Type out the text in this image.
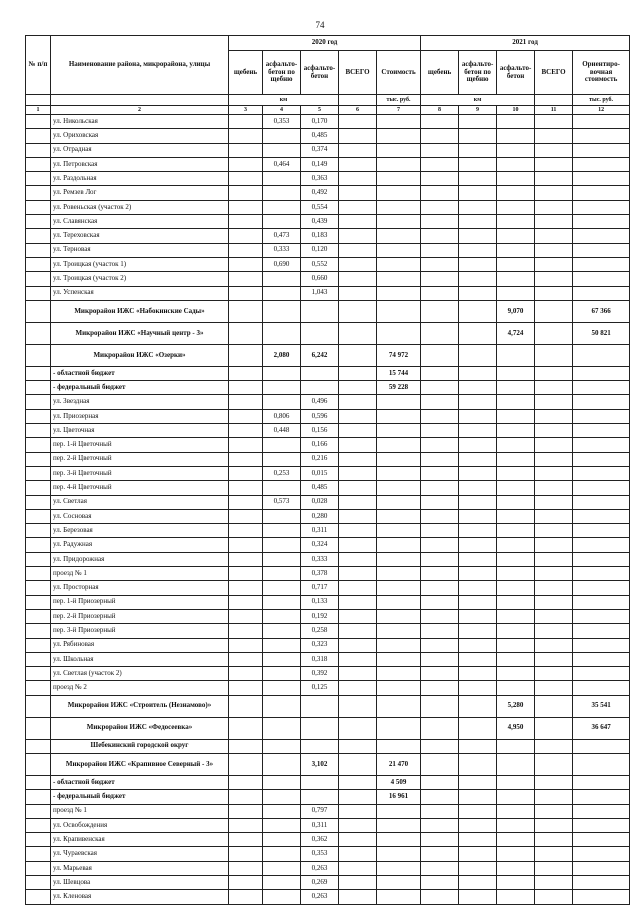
74
№ п/п	Наименование района, микрорайона, улицы	2020 год					2021 год				
		щебень	асфальто-бетон по щебню	асфальто-бетон	ВСЕГО	Стоимость	щебень	асфальто-бетон по щебню	асфальто-бетон	ВСЕГО	Ориентиро-вочная стоимость
		км				тыс. руб.	км				тыс. руб.
1	2	3	4	5	6	7	8	9	10	11	12
	ул. Никольская		0,353	0,170							
	ул. Ориховская			0,485							
	ул. Отрадная			0,374							
	ул. Петровская		0,464	0,149							
	ул. Раздольная			0,363							
	ул. Ремзев Лог			0,492							
	ул. Ровеньская (участок 2)			0,554							
	ул. Славянская			0,439							
	ул. Тереховская		0,473	0,183							
	ул. Терновая		0,333	0,120							
	ул. Троицкая (участок 1)		0,690	0,552							
	ул. Троицкая (участок 2)			0,660							
	ул. Успенская			1,043							

	Микрорайон ИЖС «Набокинские Сады»								9,070		67 366

	Микрорайон ИЖС «Научный центр - 3»								4,724		50 821

	Микрорайон ИЖС «Озерки»		2,080	6,242		74 972					
	- областной бюджет					15 744					
	- федеральный бюджет					59 228					
	ул. Звездная			0,496							
	ул. Приозерная		0,806	0,596							
	ул. Цветочная		0,448	0,156							
	пер. 1-й Цветочный			0,166							
	пер. 2-й Цветочный			0,216							
	пер. 3-й Цветочный		0,253	0,015							
	пер. 4-й Цветочный			0,485							
	ул. Светлая		0,573	0,028							
	ул. Сосновая			0,280							
	ул. Березовая			0,311							
	ул. Радужная			0,324							
	ул. Придорожная			0,333							
	проезд № 1			0,378							
	ул. Просторная			0,717							
	пер. 1-й Приозерный			0,133							
	пер. 2-й Приозерный			0,192							
	пер. 3-й Приозерный			0,258							
	ул. Рябиновая			0,323							
	ул. Школьная			0,318							
	ул. Светлая (участок 2)			0,392							
	проезд № 2			0,125							

	Микрорайон ИЖС «Строитель (Незнамово)»								5,280		35 541

	Микрорайон ИЖС «Федосеевка»								4,950		36 647
	Шебекинский городской округ										

	Микрорайон ИЖС «Крапивное Северный - 3»			3,102		21 470					
	- областной бюджет					4 509					
	- федеральный бюджет					16 961					
	проезд № 1			0,797							
	ул. Освобождения			0,311							
	ул. Крапивенская			0,362							
	ул. Чураевская			0,353							
	ул. Марьевая			0,263							
	ул. Шевцова			0,269							
	ул. Кленовая			0,263							
